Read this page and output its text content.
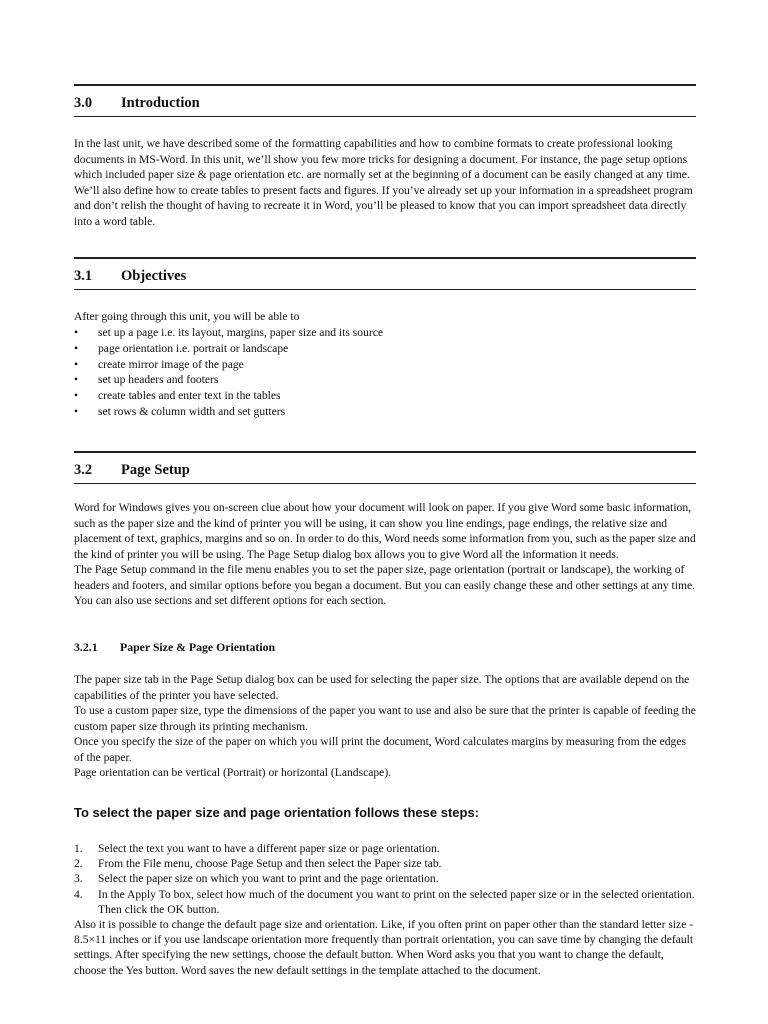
3.0 Introduction

In the last unit, we have described some of the formatting capabilities and how to combine formats to create professional looking documents in MS-Word. In this unit, we’ll show you few more tricks for designing a document. For instance, the page setup options which included paper size & page orientation etc. are normally set at the beginning of a document can be easily changed at any time. We’ll also define how to create tables to present facts and figures. If you’ve already set up your information in a spreadsheet program and don’t relish the thought of having to recreate it in Word, you’ll be pleased to know that you can import spreadsheet data directly into a word table.

3.1 Objectives

After going through this unit, you will be able to

• set up a page i.e. its layout, margins, paper size and its source
• page orientation i.e. portrait or landscape
• create mirror image of the page
• set up headers and footers
• create tables and enter text in the tables
• set rows & column width and set gutters
3.2 Page Setup

Word for Windows gives you on-screen clue about how your document will look on paper. If you give Word some basic information, such as the paper size and the kind of printer you will be using, it can show you line endings, page endings, the relative size and placement of text, graphics, margins and so on. In order to do this, Word needs some information from you, such as the paper size and the kind of printer you will be using. The Page Setup dialog box allows you to give Word all the information it needs.

The Page Setup command in the file menu enables you to set the paper size, page orientation (portrait or landscape), the working of headers and footers, and similar options before you began a document. But you can easily change these and other settings at any time. You can also use sections and set different options for each section.

3.2.1 Paper Size & Page Orientation

The paper size tab in the Page Setup dialog box can be used for selecting the paper size. The options that are available depend on the capabilities of the printer you have selected.

To use a custom paper size, type the dimensions of the paper you want to use and also be sure that the printer is capable of feeding the custom paper size through its printing mechanism.

Once you specify the size of the paper on which you will print the document, Word calculates margins by measuring from the edges of the paper.

Page orientation can be vertical (Portrait) or horizontal (Landscape).

To select the paper size and page orientation follows these steps:
1. Select the text you want to have a different paper size or page orientation.
2. From the File menu, choose Page Setup and then select the Paper size tab.
3. Select the paper size on which you want to print and the page orientation.
4. In the Apply To box, select how much of the document you want to print on the selected paper size or in the selected orientation. Then click the OK button.

Also it is possible to change the default page size and orientation. Like, if you often print on paper other than the standard letter size - 8.5×11 inches or if you use landscape orientation more frequently than portrait orientation, you can save time by changing the default settings. After specifying the new settings, choose the default button. When Word asks you that you want to change the default, choose the Yes button. Word saves the new default settings in the template attached to the document.
